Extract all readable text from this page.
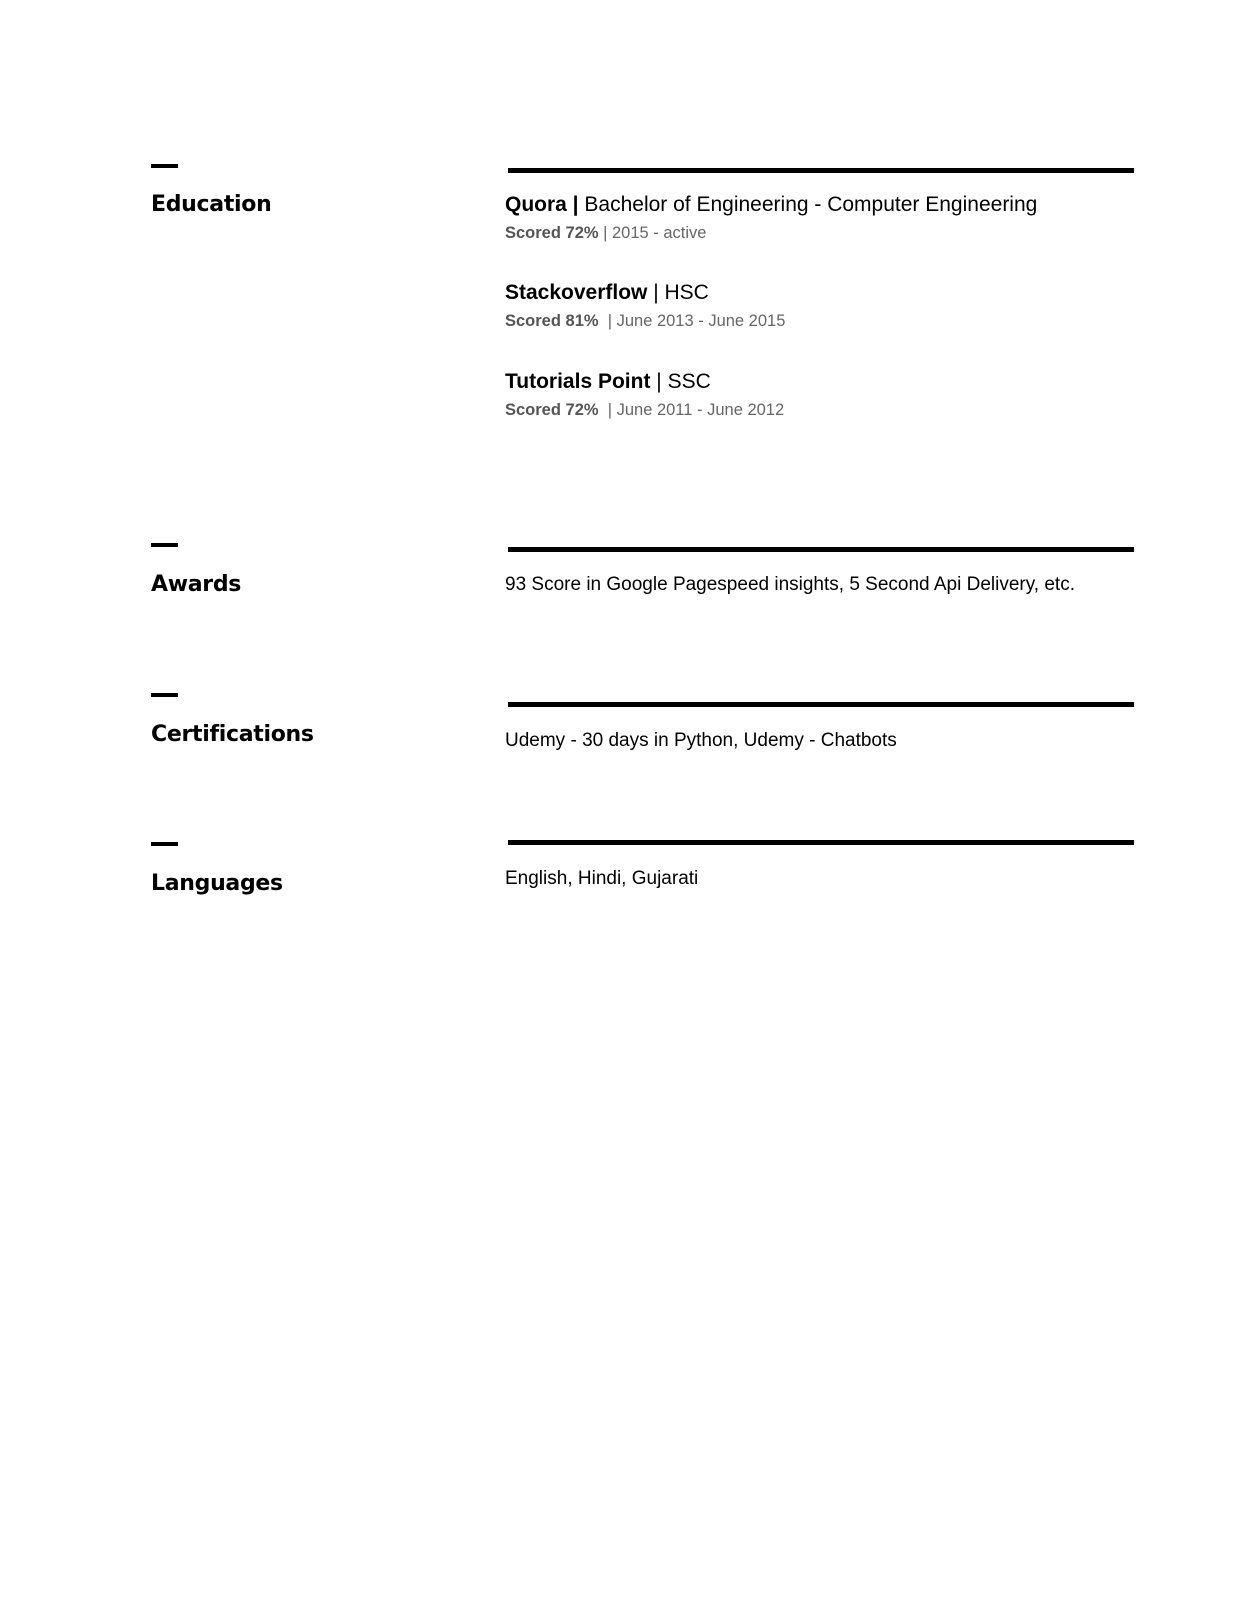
Education	Quora | Bachelor of Engineering - Computer Engineering
Scored 72% | 2015 - active
Stackoverflow | HSC
Scored 81%  | June 2013 - June 2015
Tutorials Point | SSC
Scored 72%  | June 2011 - June 2012
Awards	93 Score in Google Pagespeed insights, 5 Second Api Delivery, etc.
Certifications	Udemy - 30 days in Python, Udemy - Chatbots
Languages	English, Hindi, Gujarati
